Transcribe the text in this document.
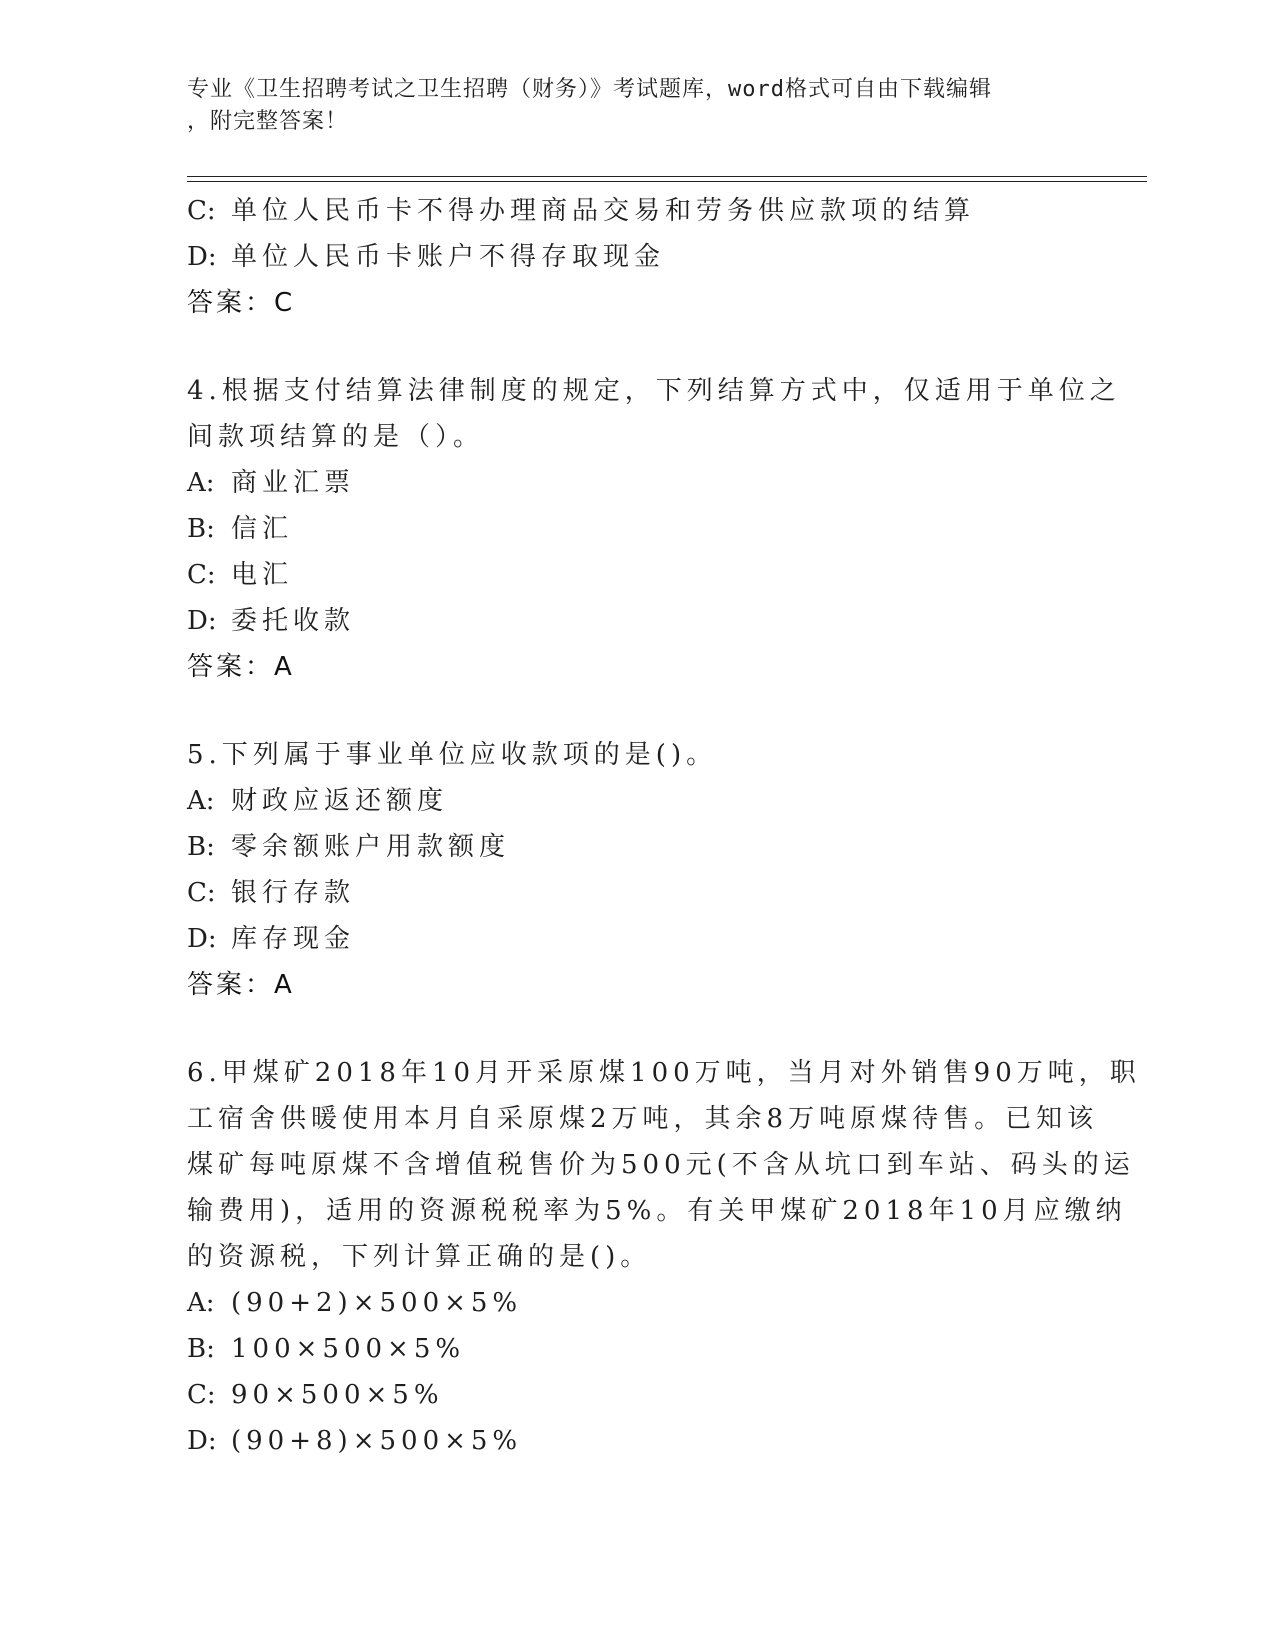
专业《卫生招聘考试之卫生招聘（财务）》考试题库，word格式可自由下载编辑
，附完整答案！
C: 单位人民币卡不得办理商品交易和劳务供应款项的结算
D: 单位人民币卡账户不得存取现金
答案：C
4.根据支付结算法律制度的规定，下列结算方式中，仅适用于单位之
间款项结算的是（）。
A: 商业汇票
B: 信汇
C: 电汇
D: 委托收款
答案：A
5.下列属于事业单位应收款项的是()。
A: 财政应返还额度
B: 零余额账户用款额度
C: 银行存款
D: 库存现金
答案：A
6.甲煤矿2018年10月开采原煤100万吨，当月对外销售90万吨，职
工宿舍供暖使用本月自采原煤2万吨，其余8万吨原煤待售。已知该
煤矿每吨原煤不含增值税售价为500元(不含从坑口到车站、码头的运
输费用)，适用的资源税税率为5%。有关甲煤矿2018年10月应缴纳
的资源税，下列计算正确的是()。
A: (90+2)×500×5%
B: 100×500×5%
C: 90×500×5%
D: (90+8)×500×5%
